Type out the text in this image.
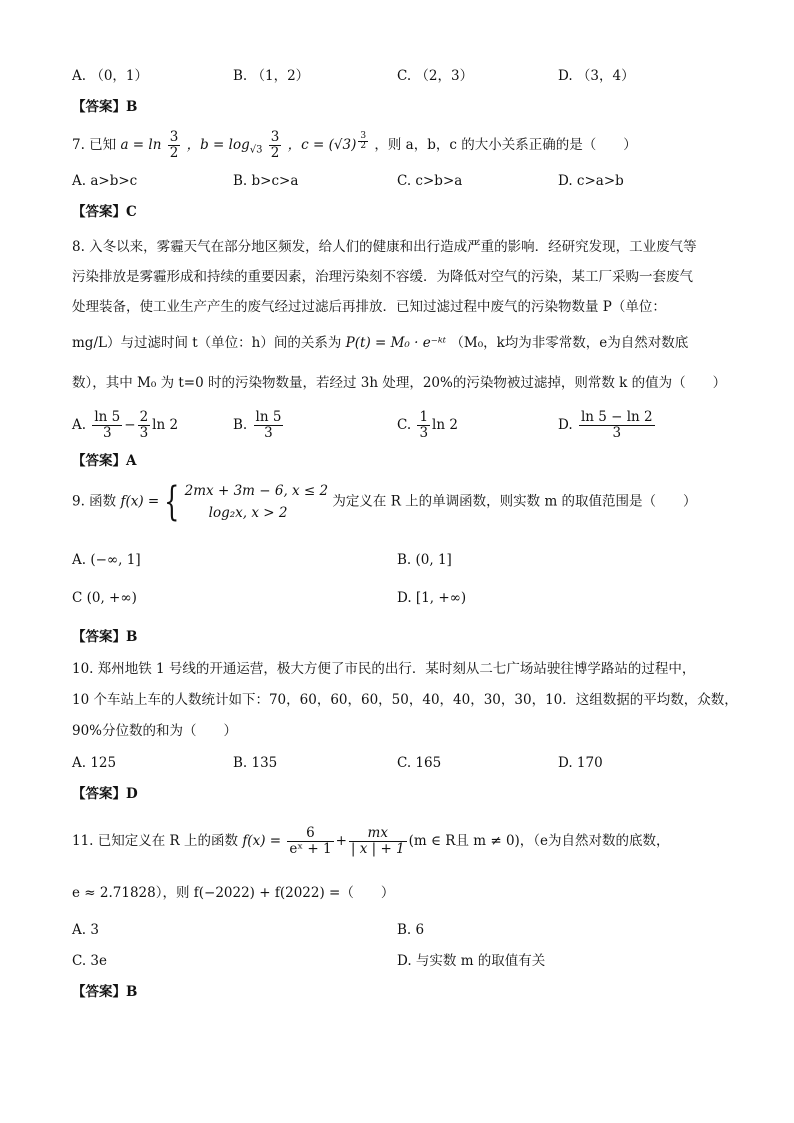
A. （0，1）	B. （1，2）	C. （2，3）	D. （3，4）
【答案】B
7. 已知 $a = \ln \frac{3}{2}$ ，$b = \log_{√3} \frac{3}{2}$ ，c = (√3) $^{\frac{3}{2}}$ ，则 a，b，c 的大小关系正确的是（　　）
A. a>b>c	B. b>c>a	C. c>b>a	D. c>a>b
【答案】C
8. 入冬以来，雾霾天气在部分地区频发，给人们的健康和出行造成严重的影响．经研究发现，工业废气等
污染排放是雾霾形成和持续的重要因素，治理污染刻不容缓．为降低对空气的污染，某工厂采购一套废气
处理装备，使工业生产产生的废气经过过滤后再排放．已知过滤过程中废气的污染物数量 P（单位：
mg/L）与过滤时间 t（单位：h）间的关系为 P(t) = M₀ · e⁻ᵏᵗ （M₀，k均为非零常数，e为自然对数底
数），其中 M₀ 为 t=0 时的污染物数量，若经过 3h 处理，20%的污染物被过滤掉，则常数 k 的值为（　　）
A. $\frac{\ln 5}{3} - \frac{2}{3}$ ln 2	B. $\frac{\ln 5}{3}$	C. $\frac{1}{3}$ ln 2	D. $\frac{\ln 5 - \ln 2}{3}$
【答案】A
9. 函数 f(x) = { 2mx + 3m − 6, x ≤ 2
log₂x, x > 2
为定义在 R 上的单调函数，则实数 m 的取值范围是（　　）
A. (−∞, 1]	B. (0, 1]
C (0, +∞)	D. [1, +∞)
【答案】B
10. 郑州地铁 1 号线的开通运营，极大方便了市民的出行．某时刻从二七广场站驶往博学路站的过程中，
10 个车站上车的人数统计如下：70，60，60，60，50，40，40，30，30，10．这组数据的平均数，众数，
90%分位数的和为（　　）
A. 125	B. 135	C. 165	D. 170
【答案】D
11. 已知定义在 R 上的函数 $f(x) = \frac{6}{\text{eˣ + 1}} + \frac{mx}{| x | + 1} (m$ ∈ R且 m ≠ 0)，（e为自然对数的底数，
e ≈ 2.71828），则 f(−2022) + f(2022) =（　　）
A. 3	B. 6
C. 3e	D. 与实数 m 的取值有关
【答案】B
